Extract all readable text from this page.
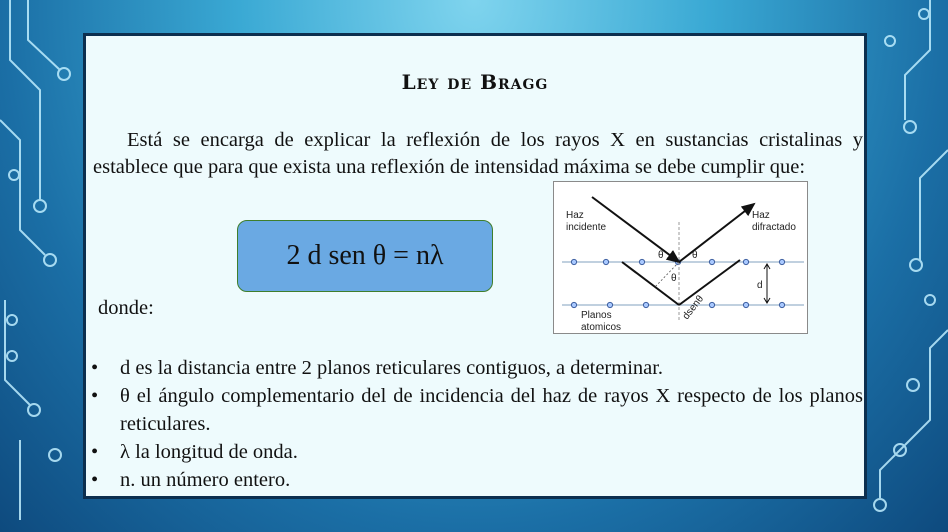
Ley de Bragg
Está se encarga de explicar la reflexión de los rayos X en sustancias cristalinas y establece que para que exista una reflexión de intensidad máxima se debe cumplir que:
2 d sen θ = nλ
donde:
Haz
incidente
Haz
difractado
θ	θ
θ
d
dsenθ
Planos
atomicos
• d es la distancia entre 2 planos reticulares contiguos, a determinar.
• θ el ángulo complementario del de incidencia del haz de rayos X respecto de los planos reticulares.
• λ la longitud de onda.
• n. un número entero.
